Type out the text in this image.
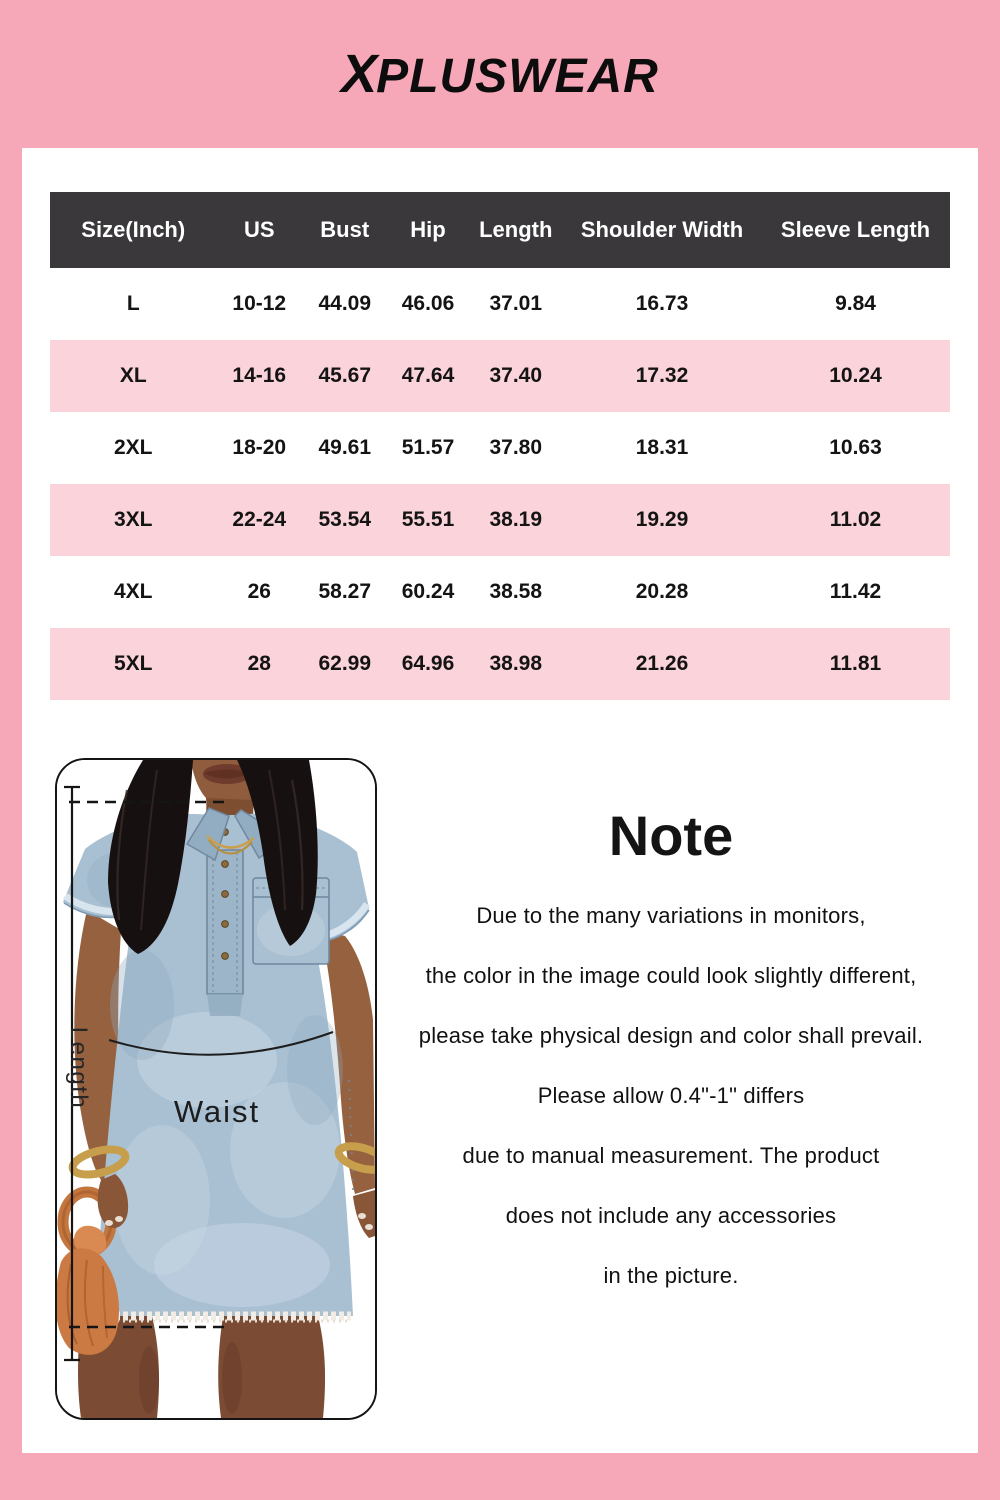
XPLUSWEAR
Size(Inch)	US	Bust	Hip	Length	Shoulder Width	Sleeve Length
L	10-12	44.09	46.06	37.01	16.73	9.84
XL	14-16	45.67	47.64	37.40	17.32	10.24
2XL	18-20	49.61	51.57	37.80	18.31	10.63
3XL	22-24	53.54	55.51	38.19	19.29	11.02
4XL	26	58.27	60.24	38.58	20.28	11.42
5XL	28	62.99	64.96	38.98	21.26	11.81
Length
Waist
Note

Due to the many variations in monitors,

the color in the image could look slightly different,

please take physical design and color shall prevail.

Please allow 0.4"-1" differs

due to manual measurement. The product

does not include any accessories

in the picture.
